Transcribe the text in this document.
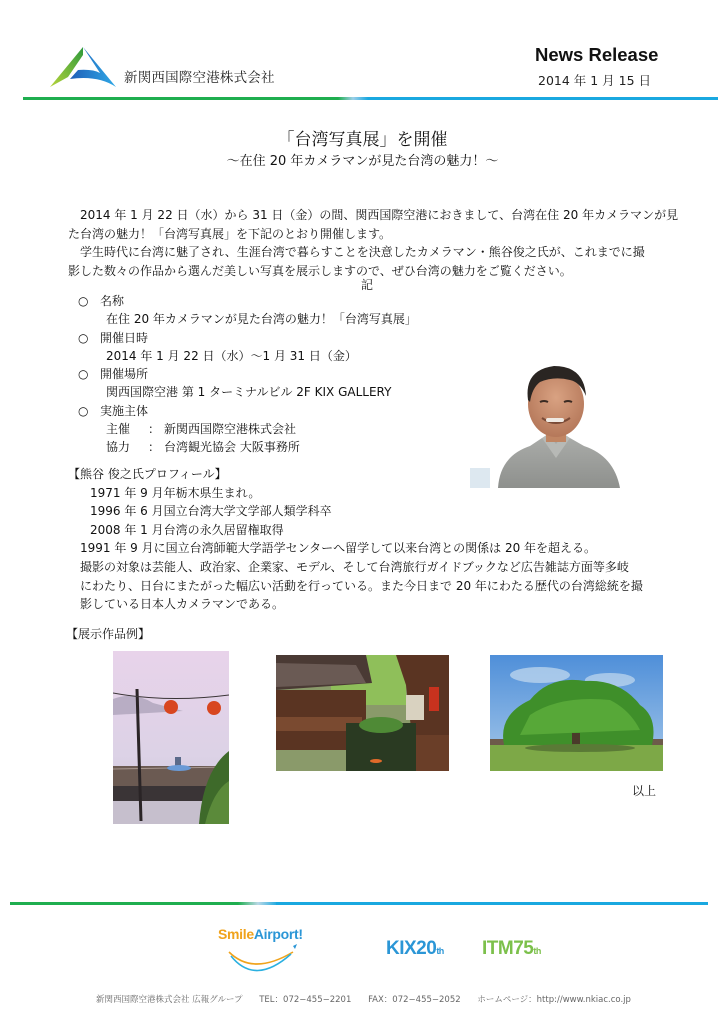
新関西国際空港株式会社
News Release
2014 年 1 月 15 日
「台湾写真展」を開催
～在住 20 年カメラマンが見た台湾の魅力！～
　2014 年 1 月 22 日（水）から 31 日（金）の間、関西国際空港におきまして、台湾在住 20 年カメラマンが見
た台湾の魅力！「台湾写真展」を下記のとおり開催します。
　学生時代に台湾に魅了され、生涯台湾で暮らすことを決意したカメラマン・熊谷俊之氏が、これまでに撮
影した数々の作品から選んだ美しい写真を展示しますので、ぜひ台湾の魅力をご覧ください。
記
○ 名称
在住 20 年カメラマンが見た台湾の魅力！「台湾写真展」
○ 開催日時
2014 年 1 月 22 日（水）～1 月 31 日（金）
○ 開催場所
関西国際空港 第 1 ターミナルビル 2F KIX GALLERY
○ 実施主体
主催 ： 新関西国際空港株式会社
協力 ： 台湾観光協会 大阪事務所
【熊谷 俊之氏プロフィール】
1971 年 9 月年栃木県生まれ。
1996 年 6 月国立台湾大学文学部人類学科卒
2008 年 1 月台湾の永久居留権取得
1991 年 9 月に国立台湾師範大学語学センターへ留学して以来台湾との関係は 20 年を超える。
撮影の対象は芸能人、政治家、企業家、モデル、そして台湾旅行ガイドブックなど広告雑誌方面等多岐
にわたり、日台にまたがった幅広い活動を行っている。また今日まで 20 年にわたる歴代の台湾総統を撮
影している日本人カメラマンである。
【展示作品例】
以上
SmileAirport!
KIX20th ITM75th
新関西国際空港株式会社 広報グループ TEL：072−455−2201 FAX：072−455−2052 ホームページ：http://www.nkiac.co.jp
